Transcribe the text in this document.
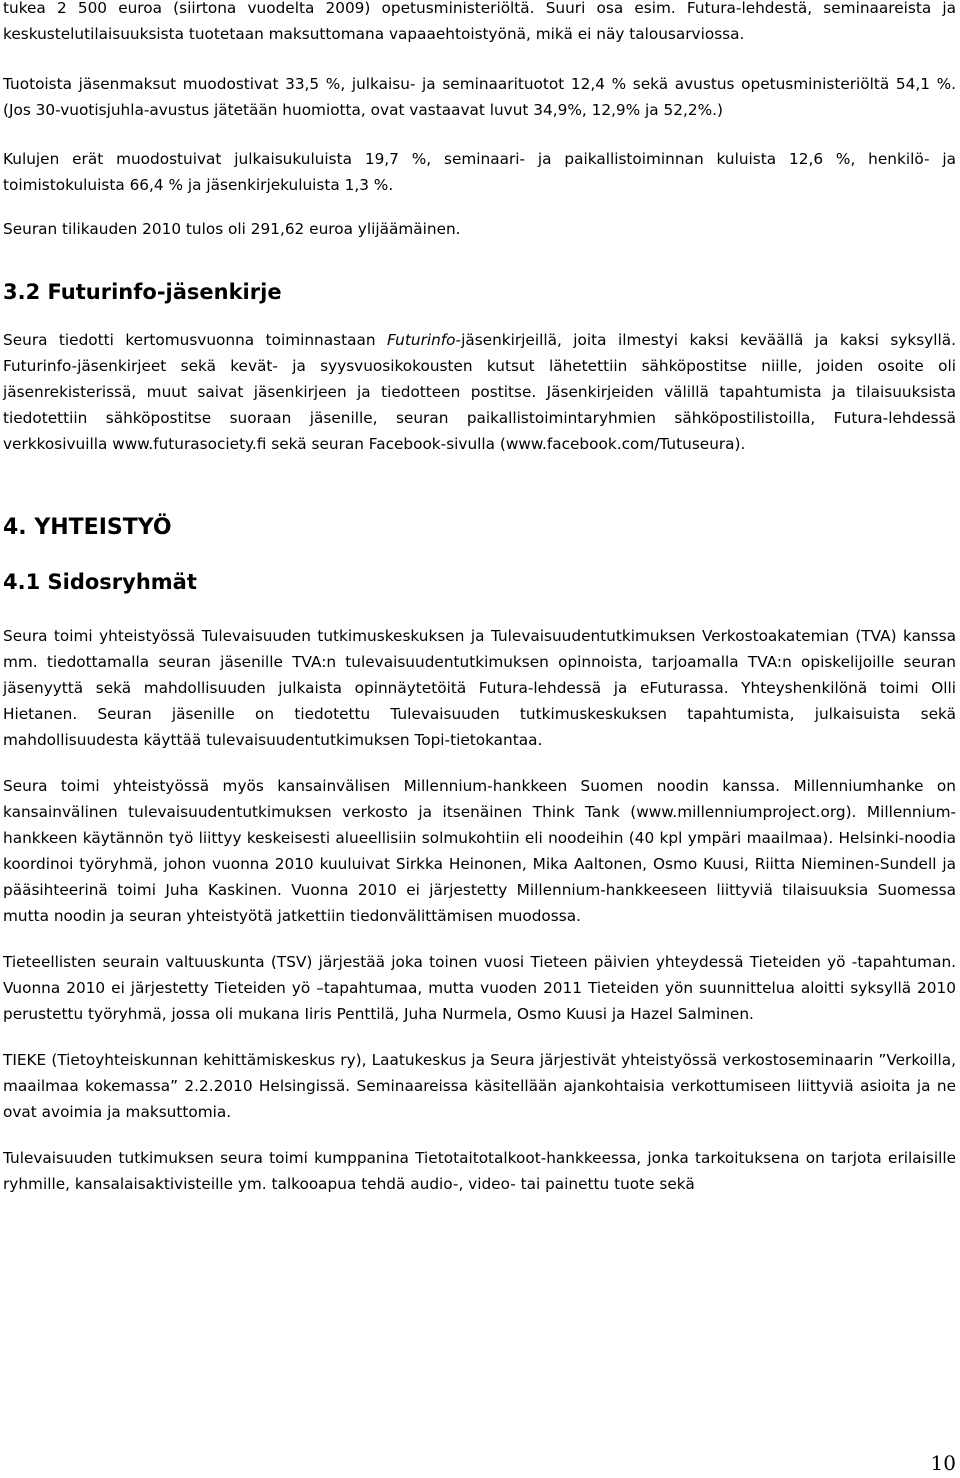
tukea 2 500 euroa (siirtona vuodelta 2009) opetusministeriöltä. Suuri osa esim. Futura-lehdestä, seminaareista ja keskustelutilaisuuksista tuotetaan maksuttomana vapaaehtoistyönä, mikä ei näy talousarviossa.

Tuotoista jäsenmaksut muodostivat 33,5 %, julkaisu- ja seminaarituotot 12,4 % sekä avustus opetusministeriöltä 54,1 %. (Jos 30-vuotisjuhla-avustus jätetään huomiotta, ovat vastaavat luvut 34,9%, 12,9% ja 52,2%.)

Kulujen erät muodostuivat julkaisukuluista 19,7 %, seminaari- ja paikallistoiminnan kuluista 12,6 %, henkilö- ja toimistokuluista 66,4 % ja jäsenkirjekuluista 1,3 %.

Seuran tilikauden 2010 tulos oli 291,62 euroa ylijäämäinen.

3.2 Futurinfo-jäsenkirje

Seura tiedotti kertomusvuonna toiminnastaan Futurinfo-jäsenkirjeillä, joita ilmestyi kaksi keväällä ja kaksi syksyllä. Futurinfo-jäsenkirjeet sekä kevät- ja syysvuosikokousten kutsut lähetettiin sähköpostitse niille, joiden osoite oli jäsenrekisterissä, muut saivat jäsenkirjeen ja tiedotteen postitse. Jäsenkirjeiden välillä tapahtumista ja tilaisuuksista tiedotettiin sähköpostitse suoraan jäsenille, seuran paikallistoimintaryhmien sähköpostilistoilla, Futura-lehdessä verkkosivuilla www.futurasociety.fi sekä seuran Facebook-sivulla (www.facebook.com/Tutuseura).

4. YHTEISTYÖ
4.1 Sidosryhmät

Seura toimi yhteistyössä Tulevaisuuden tutkimuskeskuksen ja Tulevaisuudentutkimuksen Verkostoakatemian (TVA) kanssa mm. tiedottamalla seuran jäsenille TVA:n tulevaisuudentutkimuksen opinnoista, tarjoamalla TVA:n opiskelijoille seuran jäsenyyttä sekä mahdollisuuden julkaista opinnäytetöitä Futura-lehdessä ja eFuturassa. Yhteyshenkilönä toimi Olli Hietanen. Seuran jäsenille on tiedotettu Tulevaisuuden tutkimuskeskuksen tapahtumista, julkaisuista sekä mahdollisuudesta käyttää tulevaisuudentutkimuksen Topi-tietokantaa.

Seura toimi yhteistyössä myös kansainvälisen Millennium-hankkeen Suomen noodin kanssa. Millenniumhanke on kansainvälinen tulevaisuudentutkimuksen verkosto ja itsenäinen Think Tank (www.millenniumproject.org). Millennium-hankkeen käytännön työ liittyy keskeisesti alueellisiin solmukohtiin eli noodeihin (40 kpl ympäri maailmaa). Helsinki-noodia koordinoi työryhmä, johon vuonna 2010 kuuluivat Sirkka Heinonen, Mika Aaltonen, Osmo Kuusi, Riitta Nieminen-Sundell ja pääsihteerinä toimi Juha Kaskinen. Vuonna 2010 ei järjestetty Millennium-hankkeeseen liittyviä tilaisuuksia Suomessa mutta noodin ja seuran yhteistyötä jatkettiin tiedonvälittämisen muodossa.

Tieteellisten seurain valtuuskunta (TSV) järjestää joka toinen vuosi Tieteen päivien yhteydessä Tieteiden yö -tapahtuman. Vuonna 2010 ei järjestetty Tieteiden yö –tapahtumaa, mutta vuoden 2011 Tieteiden yön suunnittelua aloitti syksyllä 2010 perustettu työryhmä, jossa oli mukana Iiris Penttilä, Juha Nurmela, Osmo Kuusi ja Hazel Salminen.

TIEKE (Tietoyhteiskunnan kehittämiskeskus ry), Laatukeskus ja Seura järjestivät yhteistyössä verkostoseminaarin ”Verkoilla, maailmaa kokemassa” 2.2.2010 Helsingissä. Seminaareissa käsitellään ajankohtaisia verkottumiseen liittyviä asioita ja ne ovat avoimia ja maksuttomia.

Tulevaisuuden tutkimuksen seura toimi kumppanina Tietotaitotalkoot-hankkeessa, jonka tarkoituksena on tarjota erilaisille ryhmille, kansalaisaktivisteille ym. talkooapua tehdä audio-, video- tai painettu tuote sekä

10
